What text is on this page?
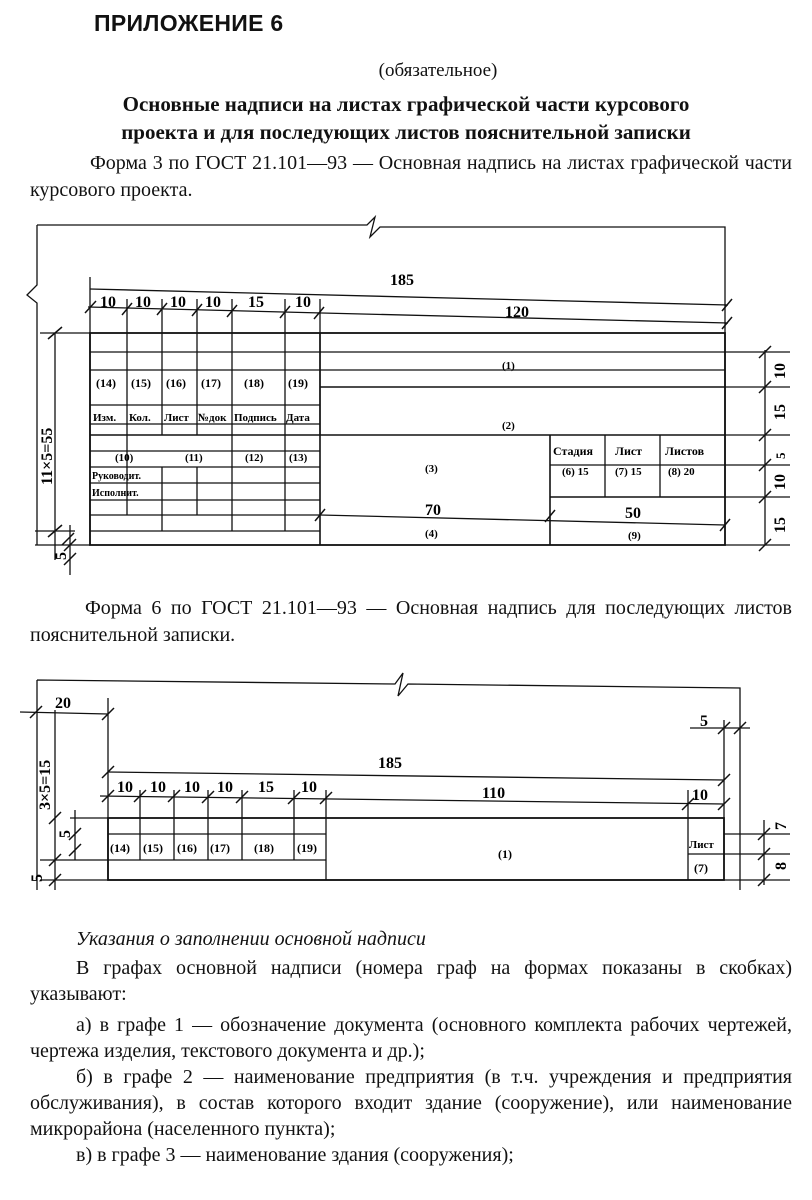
ПРИЛОЖЕНИЕ 6
(обязательное)
Основные надписи на листах графической части курсового
проекта и для последующих листов пояснительной записки
Форма 3 по ГОСТ 21.101—93 — Основная надпись на листах графической части курсового проекта.
185
10 10 10 10 15 10
120
70	50
(14) (15) (16) (17) (18) (19)
Изм. Кол. Лист №док Подпись Дата
(10)	(11)	(12) (13)
Руководит.
Исполнит.
(1)
(2)
(3)
(4)	(9)
Стадия Лист Листов
(6) 15 (7) 15 (8) 20
11×5=55
5
10
15
5
10
15
Форма 6 по ГОСТ 21.101—93 — Основная надпись для последующих листов пояснительной записки.
20
5
185
10 10 10 10 15 10	110	10
(14) (15) (16) (17) (18) (19)	(1)
Лист
(7)
3×5=15
5
5
7
8
Указания о заполнении основной надписи
В графах основной надписи (номера граф на формах показаны в скобках) указывают:
а) в графе 1 — обозначение документа (основного комплекта рабочих чертежей, чертежа изделия, текстового документа и др.);
б) в графе 2 — наименование предприятия (в т.ч. учреждения и предприятия обслуживания), в состав которого входит здание (сооружение), или наименование микрорайона (населенного пункта);
в) в графе 3 — наименование здания (сооружения);
